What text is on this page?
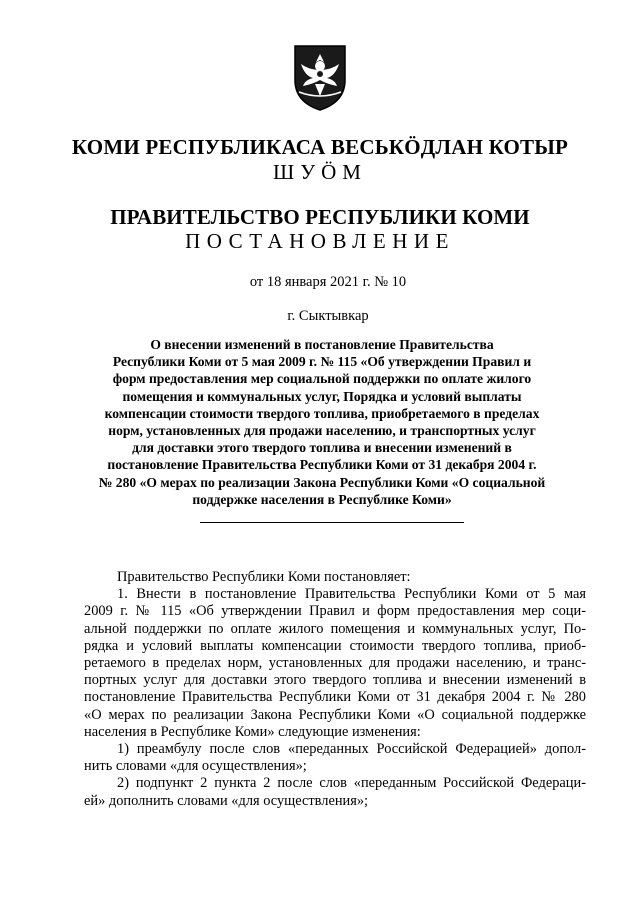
КОМИ РЕСПУБЛИКАСА ВЕСЬКӦДЛАН КОТЫР
ШУӦМ
ПРАВИТЕЛЬСТВО РЕСПУБЛИКИ КОМИ
ПОСТАНОВЛЕНИЕ
от 18 января 2021 г. № 10
г. Сыктывкар
О внесении изменений в постановление Правительства
Республики Коми от 5 мая 2009 г. № 115 «Об утверждении Правил и
форм предоставления мер социальной поддержки по оплате жилого
помещения и коммунальных услуг, Порядка и условий выплаты
компенсации стоимости твердого топлива, приобретаемого в пределах
норм, установленных для продажи населению, и транспортных услуг
для доставки этого твердого топлива и внесении изменений в
постановление Правительства Республики Коми от 31 декабря 2004 г.
№ 280 «О мерах по реализации Закона Республики Коми «О социальной
поддержке населения в Республике Коми»
Правительство Республики Коми постановляет:
1. Внести в постановление Правительства Республики Коми от 5 мая
2009 г. № 115 «Об утверждении Правил и форм предоставления мер соци-
альной поддержки по оплате жилого помещения и коммунальных услуг, По-
рядка и условий выплаты компенсации стоимости твердого топлива, приоб-
ретаемого в пределах норм, установленных для продажи населению, и транс-
портных услуг для доставки этого твердого топлива и внесении изменений в
постановление Правительства Республики Коми от 31 декабря 2004 г. № 280
«О мерах по реализации Закона Республики Коми «О социальной поддержке
населения в Республике Коми» следующие изменения:
1) преамбулу после слов «переданных Российской Федерацией» допол-
нить словами «для осуществления»;
2) подпункт 2 пункта 2 после слов «переданным Российской Федераци-
ей» дополнить словами «для осуществления»;
